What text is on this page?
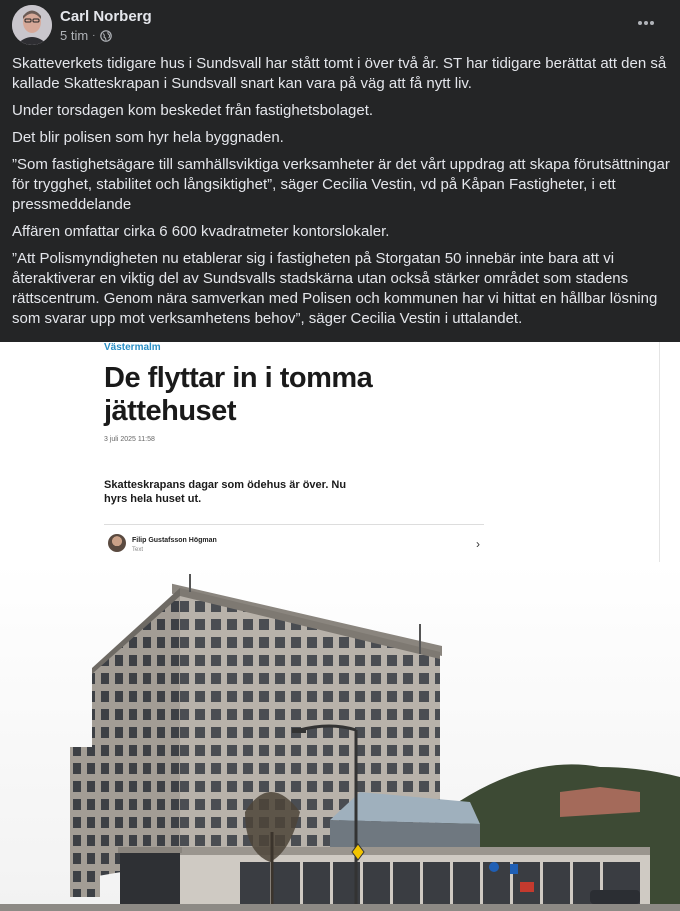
Carl Norberg
5 tim ·

Skatteverkets tidigare hus i Sundsvall har stått tomt i över två år. ST har tidigare berättat att den så kallade Skatteskrapan i Sundsvall snart kan vara på väg att få nytt liv.

Under torsdagen kom beskedet från fastighetsbolaget.

Det blir polisen som hyr hela byggnaden.

”Som fastighetsägare till samhällsviktiga verksamheter är det vårt uppdrag att skapa förutsättningar för trygghet, stabilitet och långsiktighet”, säger Cecilia Vestin, vd på Kåpan Fastigheter, i ett pressmeddelande

Affären omfattar cirka 6 600 kvadratmeter kontorslokaler.

”Att Polismyndigheten nu etablerar sig i fastigheten på Storgatan 50 innebär inte bara att vi återaktiverar en viktig del av Sundsvalls stadskärna utan också stärker området som stadens rättscentrum. Genom nära samverkan med Polisen och kommunen har vi hittat en hållbar lösning som svarar upp mot verksamhetens behov”, säger Cecilia Vestin i uttalandet.

Västermalm
De flyttar in i tomma jättehuset
3 juli 2025 11:58
Skatteskrapans dagar som ödehus är över. Nu hyrs hela huset ut.
Filip Gustafsson Högman
Text	›
